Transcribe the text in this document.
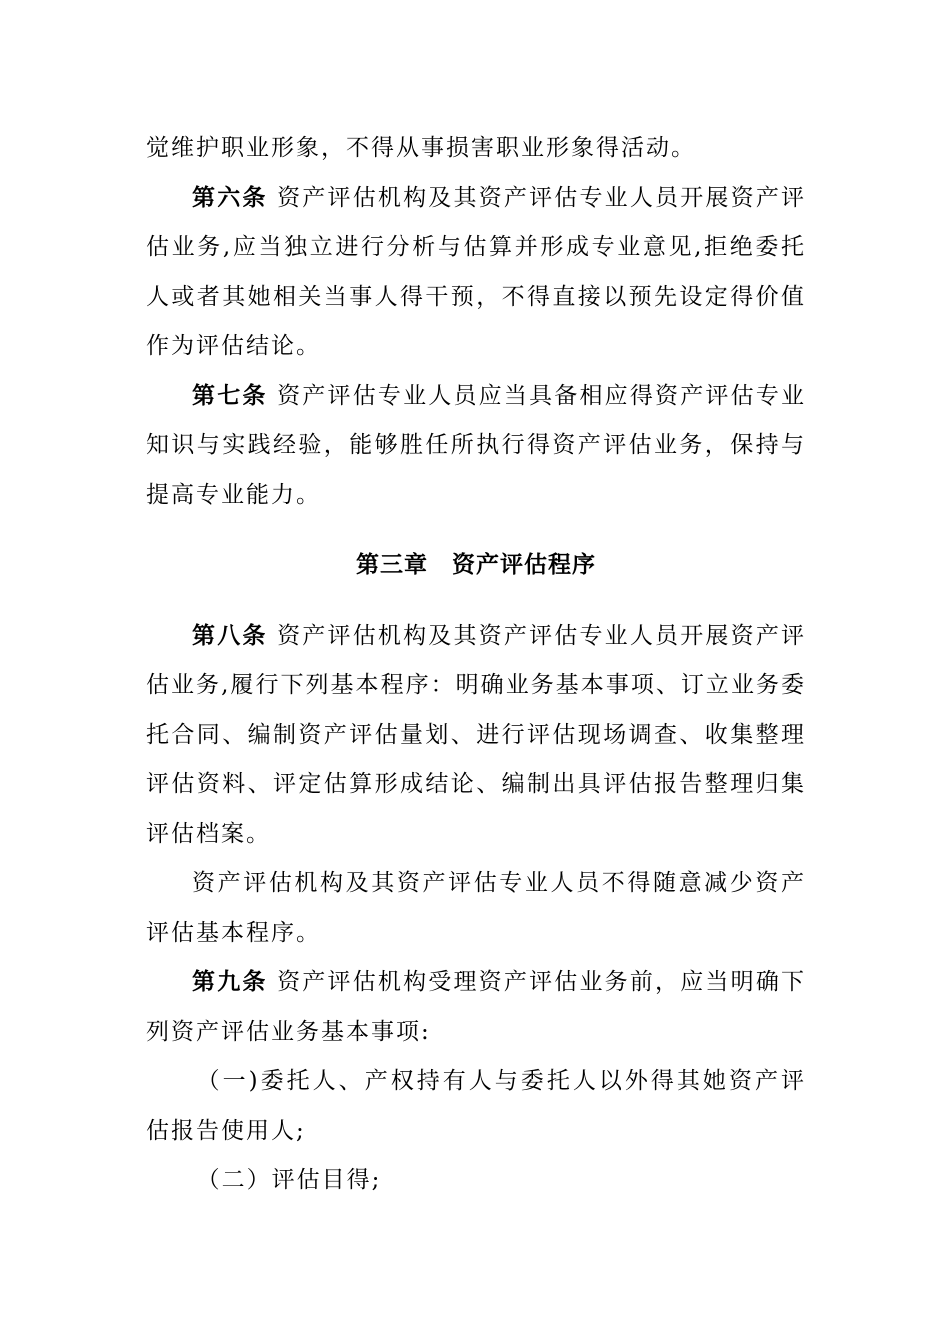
觉维护职业形象，不得从事损害职业形象得活动。

第六条 资产评估机构及其资产评估专业人员开展资产评估业务,应当独立进行分析与估算并形成专业意见,拒绝委托人或者其她相关当事人得干预，不得直接以预先设定得价值作为评估结论。

第七条 资产评估专业人员应当具备相应得资产评估专业知识与实践经验，能够胜任所执行得资产评估业务，保持与提高专业能力。

第三章 资产评估程序

第八条 资产评估机构及其资产评估专业人员开展资产评估业务,履行下列基本程序：明确业务基本事项、订立业务委托合同、编制资产评估量划、进行评估现场调查、收集整理评估资料、评定估算形成结论、编制出具评估报告整理归集评估档案。

资产评估机构及其资产评估专业人员不得随意减少资产评估基本程序。

第九条 资产评估机构受理资产评估业务前，应当明确下列资产评估业务基本事项:

（一)委托人、产权持有人与委托人以外得其她资产评估报告使用人;

（二）评估目得;
